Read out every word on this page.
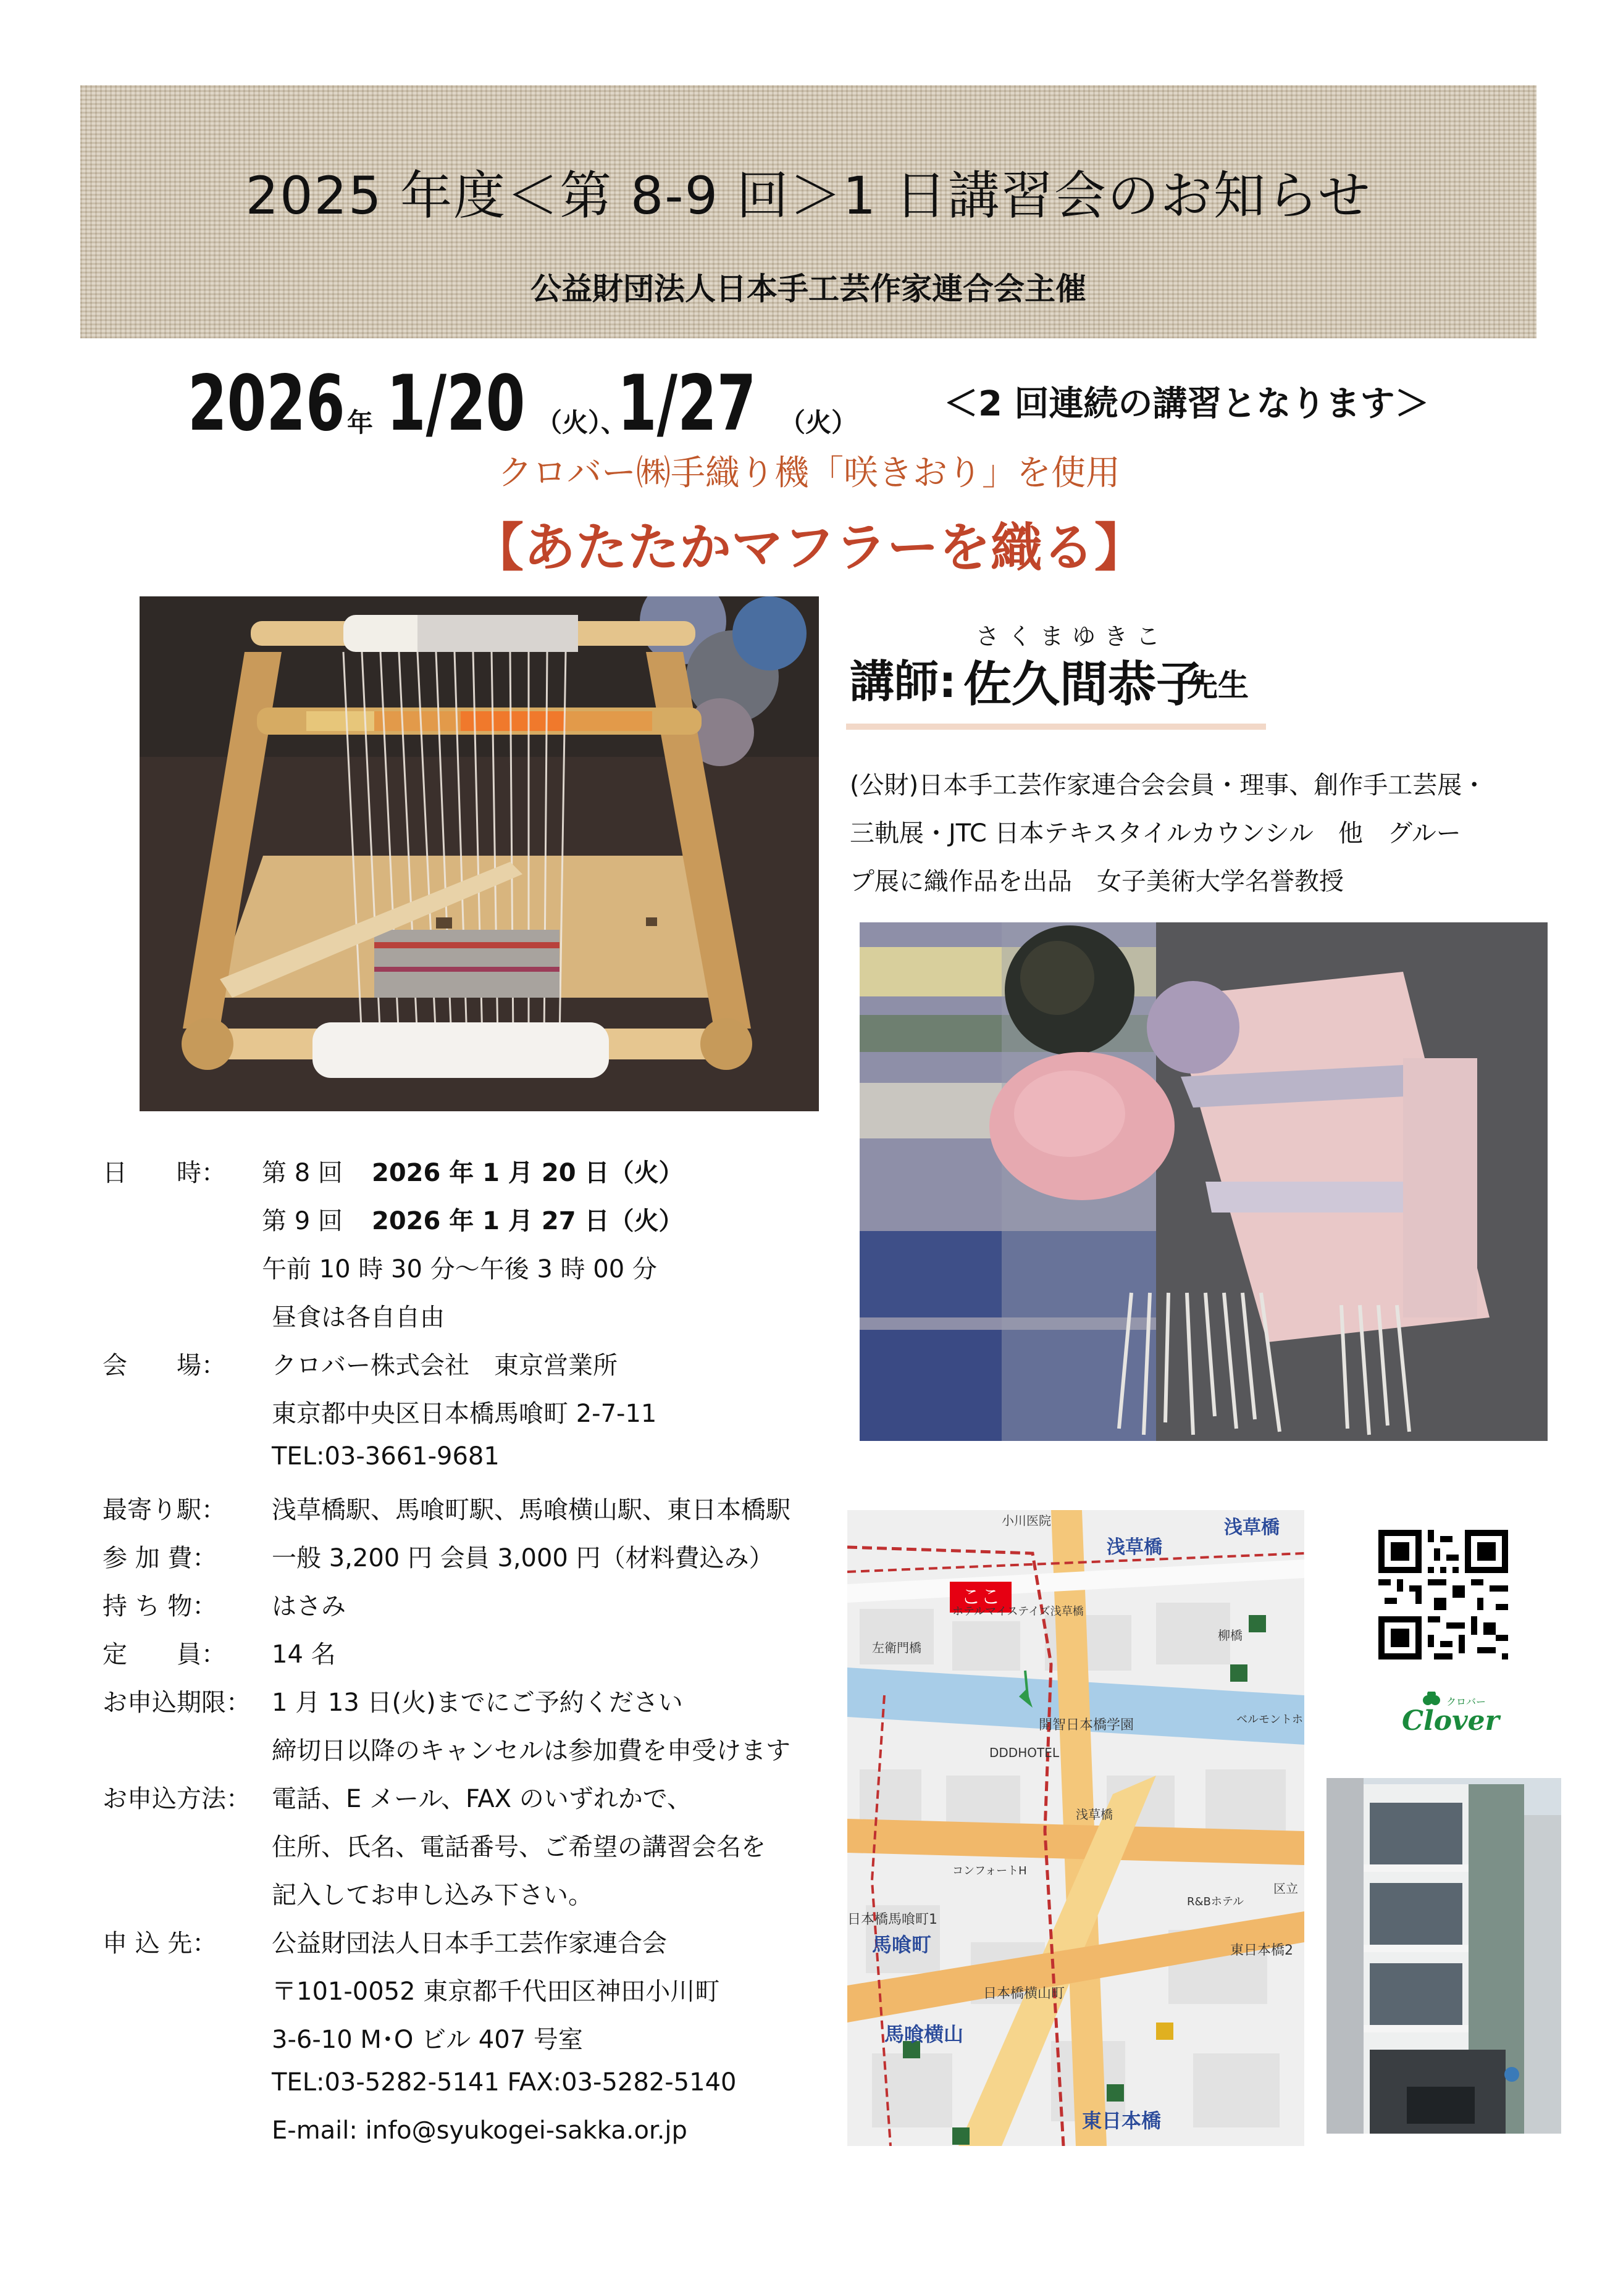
2025 年度＜第 8-9 回＞1 日講習会のお知らせ
公益財団法人日本手工芸作家連合会主催
2026 年 1/20 （火）、
1/27 （火） ＜2 回連続の講習となります＞
クロバー㈱手織り機「咲きおり」を使用
【あたたかマフラーを織る】
講師:
さくまゆきこ
佐久間恭子
先生
(公財)日本手工芸作家連合会会員・理事、創作手工芸展・
三軌展・JTC 日本テキスタイルカウンシル　他　グルー
プ展に織作品を出品　女子美術大学名誉教授
日　　時： 第 8 回 2026 年 1 月 20 日（火）
第 9 回 2026 年 1 月 27 日（火）
午前 10 時 30 分～午後 3 時 00 分
昼食は各自自由
会　　場： クロバー株式会社　東京営業所
東京都中央区日本橋馬喰町 2-7-11
TEL:03-3661-9681
最寄り駅： 浅草橋駅、馬喰町駅、馬喰横山駅、東日本橋駅
参 加 費： 一般 3,200 円 会員 3,000 円（材料費込み）
持 ち 物： はさみ
定　　員： 14 名
お申込期限： 1 月 13 日(火)までにご予約ください
締切日以降のキャンセルは参加費を申受けます
お申込方法： 電話、E メール、FAX のいずれかで、
住所、氏名、電話番号、ご希望の講習会名を
記入してお申し込み下さい。
申 込 先： 公益財団法人日本手工芸作家連合会
〒101-0052 東京都千代田区神田小川町
3-6-10 M･O ビル 407 号室
TEL:03-5282-5141 FAX:03-5282-5140
E-mail: info@syukogei-sakka.or.jp
ここ
浅草橋
浅草橋
小川医院
柳橋
左衛門橋
ホテルマイステイズ浅草橋
開智日本橋学園
DDDHOTEL
浅草橋
日本橋馬喰町1
馬喰町
日本橋横山町
馬喰横山
東日本橋
東日本橋2
ベルモントホ
区立
R&Bホテル
コンフォートH
クロバー
Clover
